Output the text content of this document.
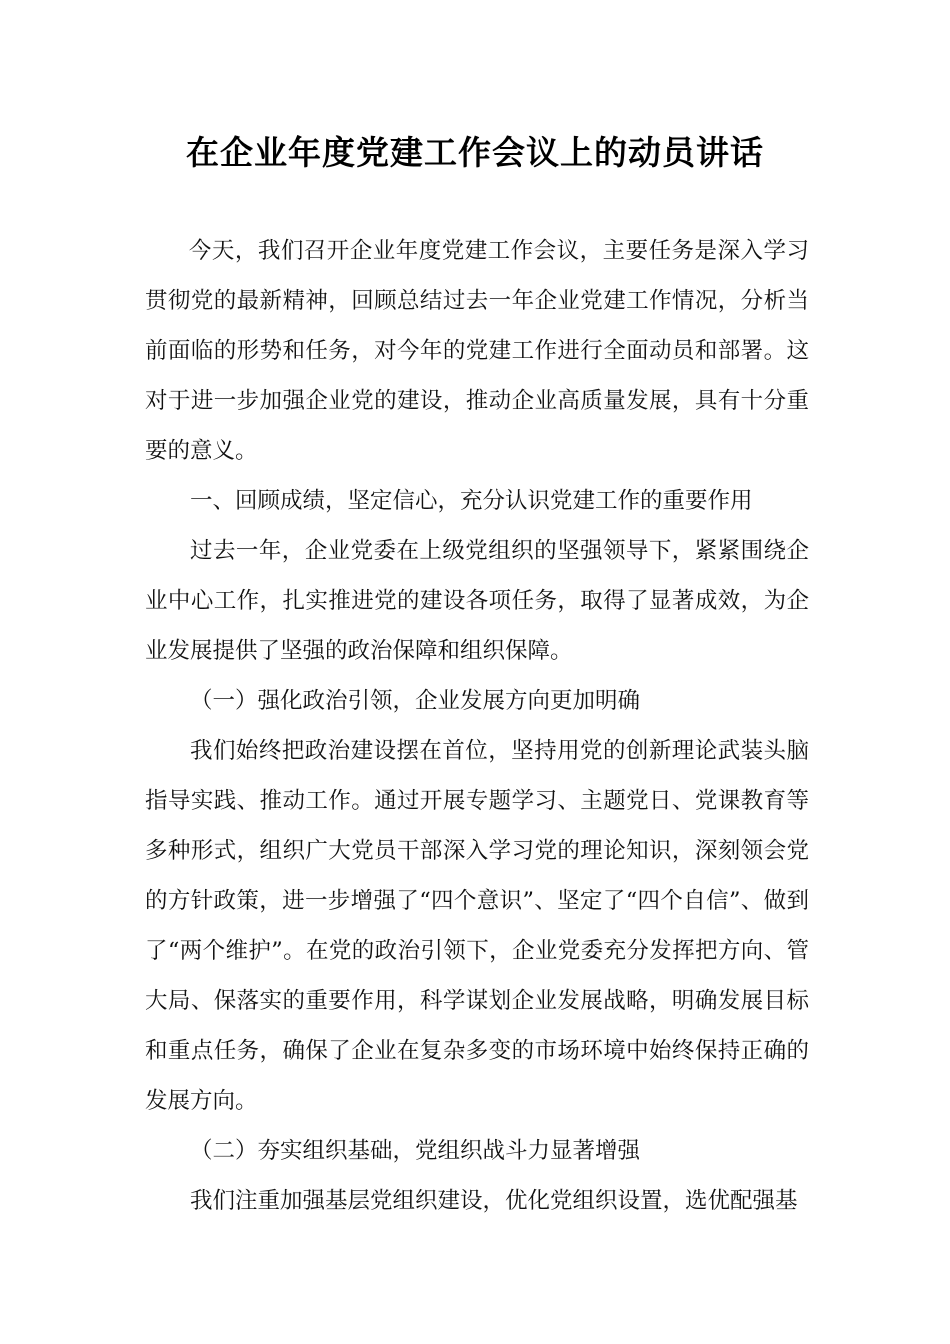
在企业年度党建工作会议上的动员讲话

今天，我们召开企业年度党建工作会议，主要任务是深入学习贯彻党的最新精神，回顾总结过去一年企业党建工作情况，分析当前面临的形势和任务，对今年的党建工作进行全面动员和部署。这对于进一步加强企业党的建设，推动企业高质量发展，具有十分重要的意义。

一、回顾成绩，坚定信心，充分认识党建工作的重要作用

过去一年，企业党委在上级党组织的坚强领导下，紧紧围绕企业中心工作，扎实推进党的建设各项任务，取得了显著成效，为企业发展提供了坚强的政治保障和组织保障。

（一）强化政治引领，企业发展方向更加明确

我们始终把政治建设摆在首位，坚持用党的创新理论武装头脑指导实践、推动工作。通过开展专题学习、主题党日、党课教育等多种形式，组织广大党员干部深入学习党的理论知识，深刻领会党的方针政策，进一步增强了“四个意识”、坚定了“四个自信”、做到了“两个维护”。在党的政治引领下，企业党委充分发挥把方向、管大局、保落实的重要作用，科学谋划企业发展战略，明确发展目标和重点任务，确保了企业在复杂多变的市场环境中始终保持正确的发展方向。

（二）夯实组织基础，党组织战斗力显著增强

我们注重加强基层党组织建设，优化党组织设置，选优配强基
